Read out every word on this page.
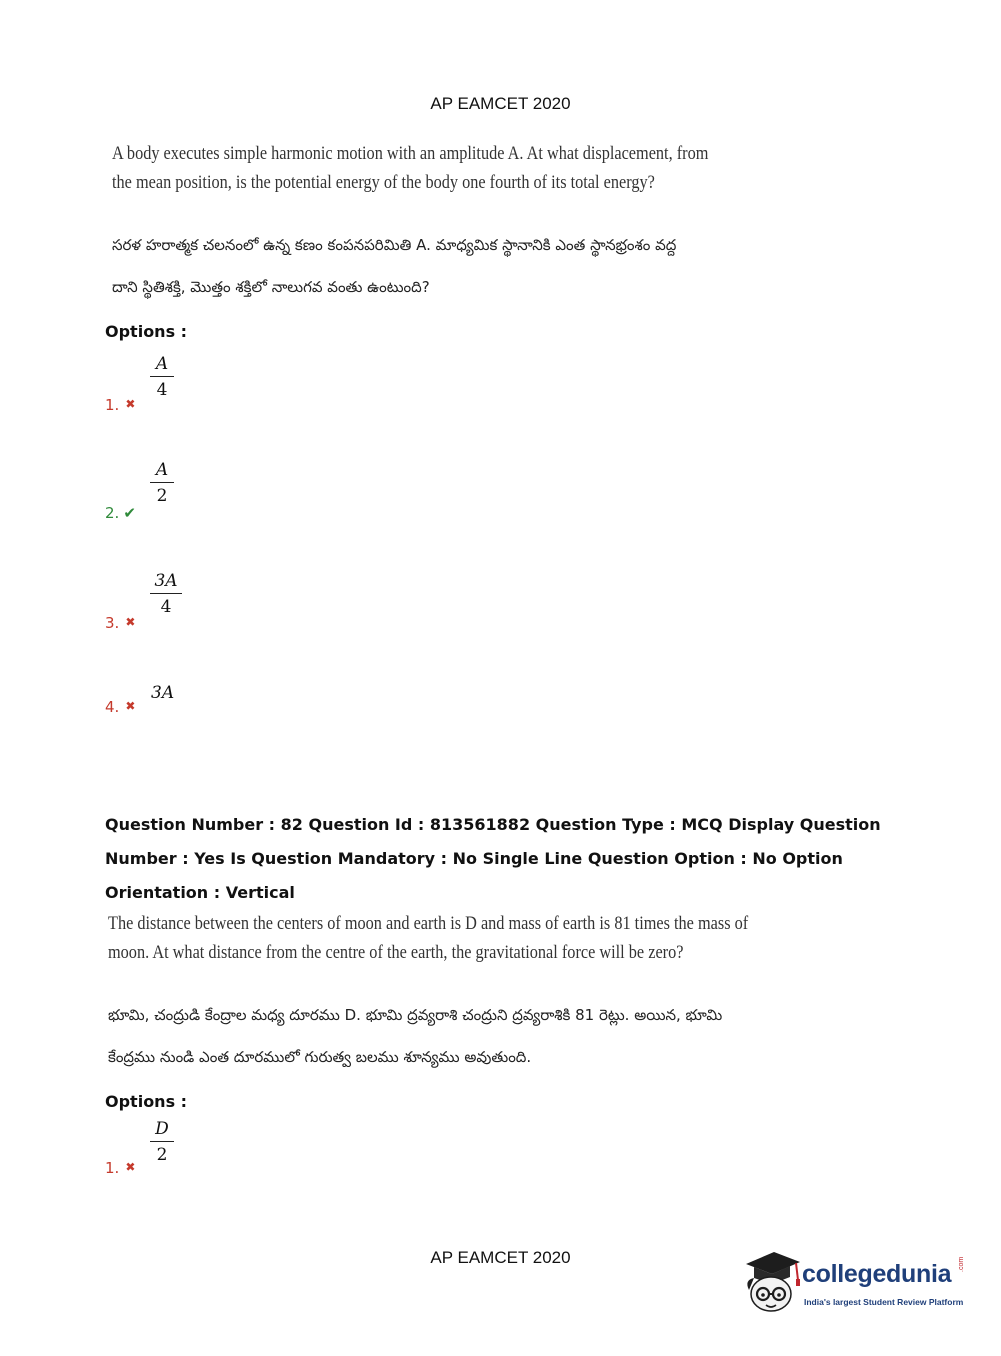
AP EAMCET 2020
A body executes simple harmonic motion with an amplitude A. At what displacement, from
the mean position, is the potential energy of the body one fourth of its total energy?
సరళ హరాత్మక చలనంలో ఉన్న కణం కంపనపరిమితి A. మాధ్యమిక స్థానానికి ఎంత స్థానభ్రంశం వద్ద
దాని స్థితిశక్తి, మొత్తం శక్తిలో నాలుగవ వంతు ఉంటుంది?
Options :
$\frac{A}{4}$
1. ✖
$\frac{A}{2}$
2. ✔
$\frac{3A}{4}$
3. ✖
3A
4. ✖
Question Number : 82 Question Id : 813561882 Question Type : MCQ Display Question
Number : Yes Is Question Mandatory : No Single Line Question Option : No Option
Orientation : Vertical
The distance between the centers of moon and earth is D and mass of earth is 81 times the mass of
moon. At what distance from the centre of the earth, the gravitational force will be zero?
భూమి, చంద్రుడి కేంద్రాల మధ్య దూరము D. భూమి ద్రవ్యరాశి చంద్రుని ద్రవ్యరాశికి 81 రెట్లు. అయిన, భూమి
కేంద్రము నుండి ఎంత దూరములో గురుత్వ బలము శూన్యము అవుతుంది.
Options :
$\frac{D}{2}$
1. ✖
AP EAMCET 2020
collegedunia .com
India's largest Student Review Platform
